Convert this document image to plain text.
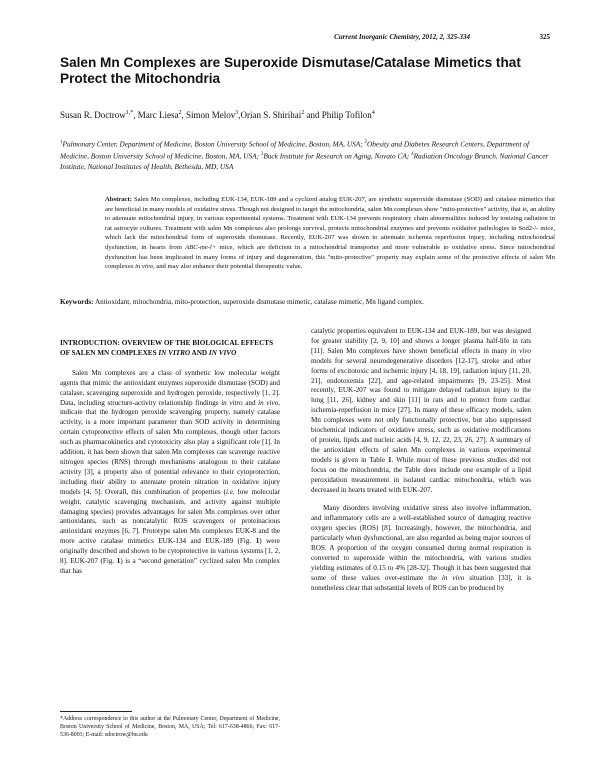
Current Inorganic Chemistry, 2012, 2, 325-334	325
Salen Mn Complexes are Superoxide Dismutase/Catalase Mimetics that Protect the Mitochondria

Susan R. Doctrow$^{1,*}$, Marc Liesa$^2$, Simon Melov$^3$,Orian S. Shirihai$^2$ and Philip Tofilon$^4$

$^1$Pulmonary Center, Department of Medicine, Boston University School of Medicine, Boston, MA, USA; $^2$Obesity and Diabetes Research Centers, Department of Medicine, Boston University School of Medicine, Boston, MA, USA; $^3$Buck Institute for Research on Aging, Novato CA; $^4$Radiation Oncology Branch, National Cancer Institute, National Institutes of Health, Bethesda, MD, USA

Abstract: Salen Mn complexes, including EUK-134, EUK-189 and a cyclized analog EUK-207, are synthetic superoxide dismutase (SOD) and catalase mimetics that are beneficial in many models of oxidative stress. Though not designed to target the mitochondria, salen Mn complexes show "mito-protective" activity, that is, an ability to attenuate mitochondrial injury, in various experimental systems. Treatment with EUK-134 prevents respiratory chain abnormalities induced by ionizing radiation in rat astrocyte cultures. Treatment with salen Mn complexes also prolongs survival, protects mitochondrial enzymes and prevents oxidative pathologies in Sod2-/- mice, which lack the mitochondrial form of superoxide dismutase. Recently, EUK-207 was shown to attenuate ischemia reperfusion injury, including mitochondrial dysfunction, in hearts from ABC-me-l+ mice, which are deficient in a mitochondrial transporter and more vulnerable to oxidative stress. Since mitochondrial dysfunction has been implicated in many forms of injury and degeneration, this "mito-protective" property may explain some of the protective effects of salen Mn complexes in vivo, and may also enhance their potential therapeutic value.

Keywords: Antioxidant, mitochondria, mito-protection, superoxide dismutase mimetic, catalase mimetic, Mn ligand complex.

INTRODUCTION: OVERVIEW OF THE BIOLOGICAL EFFECTS OF SALEN MN COMPLEXES IN VITRO AND IN VIVO

Salen Mn complexes are a class of synthetic low molecular weight agents that mimic the antioxidant enzymes superoxide dismutase (SOD) and catalase, scavenging superoxide and hydrogen peroxide, respectively [1, 2]. Data, including structure-activity relationship findings in vitro and in vivo, indicate that the hydrogen peroxide scavenging property, namely catalase activity, is a more important parameter than SOD activity in determining certain cytoprotective effects of salen Mn complexes, though other factors such as pharmacokinetics and cytotoxicity also play a significant role [1]. In addition, it has been shown that salen Mn complexes can scavenge reactive nitrogen species (RNS) through mechanisms analogous to their catalase activity [3], a property also of potential relevance to their cytoprotection, including their ability to attenuate protein nitration in oxidative injury models [4, 5]. Overall, this combination of properties (i.e. low molecular weight, catalytic scavenging mechanism, and activity against multiple damaging species) provides advantages for salen Mn complexes over other antioxidants, such as noncatalytic ROS scavengers or proteinacious antioxidant enzymes [6, 7]. Prototype salen Mn complexes EUK-8 and the more active catalase mimetics EUK-134 and EUK-189 (Fig. 1) were originally described and shown to be cytoprotective in various systems [1, 2, 8]. EUK-207 (Fig. 1) is a “second generation” cyclized salen Mn complex that has

catalytic properties equivalent to EUK-134 and EUK-189, but was designed for greater stability [2, 9, 10] and shows a longer plasma half-life in rats [11]. Salen Mn complexes have shown beneficial effects in many in vivo models for several neurodegenerative disorders [12-17], stroke and other forms of excitotoxic and ischemic injury [4, 18, 19], radiation injury [11, 20, 21], endotoxemia [22], and age-related impairments [9, 23-25]. Most recently, EUK-207 was found to mitigate delayed radiation injury to the lung [11, 26], kidney and skin [11] in rats and to protect from cardiac ischemia-reperfusion in mice [27]. In many of these efficacy models, salen Mn complexes were not only functionally protective, but also suppressed biochemical indicators of oxidative stress, such as oxidative modifications of protein, lipids and nucleic acids [4, 9, 12, 22, 23, 26, 27]. A summary of the antioxidant effects of salen Mn complexes in various experimental models is given in Table 1. While most of these previous studies did not focus on the mitochondria, the Table does include one example of a lipid peroxidation measurement in isolated cardiac mitochondria, which was decreased in hearts treated with EUK-207.

Many disorders involving oxidative stress also involve inflammation, and inflammatory cells are a well-established source of damaging reactive oxygen species (ROS) [8]. Increasingly, however, the mitochondria, and particularly when dysfunctional, are also regarded as being major sources of ROS. A proportion of the oxygen consumed during normal respiration is converted to superoxide within the mitochondria, with various studies yielding estimates of 0.15 to 4% [28-32]. Though it has been suggested that some of these values over-estimate the in vivo situation [33], it is nonetheless clear that substantial levels of ROS can be produced by

*Address correspondence to this author at the Pulmonary Center, Department of Medicine, Boston University School of Medicine, Boston, MA, USA; Tel: 617-638-4866; Fax: 617-536-8093; E-mail: sdoctrow@bu.edu
